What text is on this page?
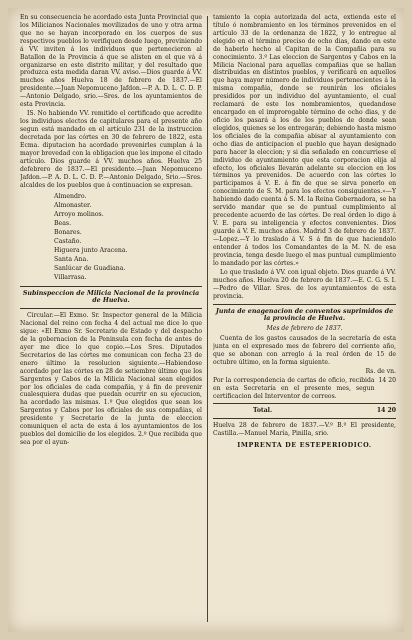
En su consecuencia he acordado esta Junta Provincial que los Milicianos Nacionales movilizados de uno y otra arma que no se hayan incorporado en los cuerpos de sus respectivos pueblos lo verifiquen desde luego, previniendo á VV. inviten á los individuos que pertenecieron al Batallon de la Provincia á que se alisten en el que vá á organizarse en este distrito militar, y del resultado que produzca esta medida daran VV. aviso.—Dios guarde á VV. muchos años Huelva 18 de febrero de 1837.—El presidente.—Juan Nepomuceno Jafdon.—P. A. D. L. C. D. P.—Antonio Delgado, srio.—Sres. de los ayuntamientos de esta Provincia.

IS. No habiendo VV. remitido el certificado que acredite los individuos electos de capitulares para el presente año segun está mandado en el artículo 231 de la instruccion decretada por las córtes en 30 de febrero de 1822, esta Ecma. diputacion ha acordado prevenirles cumplan á la mayor brevedad con la obligacion que les impone el citado artículo. Dios guarde á VV. muchos años. Huelva 25 defebrero de 1837.—El presidente.—Juan Nepomuceno Jafdon.—P. A. D. L. C. D. P.—Antonio Delgado, Srio.—Sres. alcaldes de los pueblos que á continuacion se expresan.

Almendro.
Almonaster.
Arroyo molinos.
Beas.
Bonares.
Castaño.
Higuera junto Aracena.
Santa Ana.
Sanlúcar de Guadiana.
Villarrasa.
Subinspeccion de Milicia Nacional de la provincia de Huelva.

Circular.—El Exmo. Sr. Inspector general de la Milicia Nacional del reino con fecha 4 del actual me dice lo que sigue: «El Exmo Sr. Secretario de Estado y del despacho de la gobernacion de la Peninsula con fecha de antes de ayer me dice lo que copio.—Los Sres. Diputados Secretarios de las córtes me comunican con fecha 23 de enero último la resolucion siguiente.—Habiendose acordado por las córtes en 28 de setiembre último que los Sargentos y Cabos de la Milicia Nacional sean elegidos por los oficiales de cada compañia, y á fin de prevenir cualesquiera dudas que puedan ocurrir en su ejecucion, ha acordado las mismas. 1.º Que elegidos que sean los Sargentos y Cabos por los oficiales de sus compañias, el presidente y Secretario de la junta de eleccion comuniquen el acta de esta á los ayuntamientos de los pueblos del domicilio de los elegidos. 2.º Que recibida que sea por el ayun-

tamiento la copia autorizada del acta, extienda este el título ó nombramiento en los términos prevenidos en el artículo 33 de la ordenanza de 1822, y lo entregue al elegido en el término preciso de ocho dias, dando en este de haberlo hecho al Capitan de la Compañia para su conocimiento. 3.º Las eleccion de Sargentos y Cabos en la Milicia Nacional para aquellas compañias que se hallan distribuidas en distintos pueblos, y verificará en aquellos que haya mayor número de individuos pertenecientes á la misma compañia, donde se reunirán los oficiales presididos por un individuo del ayuntamiento, el cual reclamará de este los nombramientos, quedandose encargado en el improrogable término de ocho dias, y de oficio los pasará á los de los pueblos de donde sean elegidos, quienes se los entregarán; debiendo hasta mismo los oficiales de la compañia abisar al ayuntamiento con ocho dias de anticipacion el pueblo que hayan designado para hacer la eleccion; y si dia señalado en concurriese el individuo de ayuntamiento que esta corporacion elija al efecto, los oficiales llevarán adelante su eleccion en los términos ya prevenidos. De acuerdo con las córtes lo participamos á V. E. á fin de que se sirva ponerlo en conocimiento de S. M. para los efectos consiguientes.»—Y habiendo dado cuenta á S. M. la Reina Gobernadora, se ha servido mandar que se de puntual cumplimiento al precedente acuerdo de las córtes. De real órden lo digo á V. E. para su inteligencia y efectos convenientes. Dios guarde á V. E. muchos años. Madrid 3 de febrero de 1837.—Lopez.—Y lo traslado á V. S á fin de que haciendolo entender á todos los Comandantes de la M. N. de esa provincia, tenga desde luego el mas puntual cumplimiento lo mandado por las córtes.»

Lo que traslado á VV. con igual objeto. Dios guarde á VV. muchos años. Huelva 20 de febrero de 1837.—E. C. G. S. I.—Pedro de Villar. Sres. de los ayuntamientos de esta provincia.

Junta de enagenacion de conventos suprimidos de la provincia de Huelva.
Mes de febrero de 1837.

Cuenta de los gastos causados de la secretaría de esta junta en el expresado mes de febrero del corriente año, que se abonan con arreglo á la real órden de 15 de octubre último, en la forma siguiente.

Rs. de vn.
Por la correspondencia de cartas de oficio, recibida en esta Secretaría en el presente mes, segun certificacion del Interventor de correos.
14 20
Total.	14 20

Huelva 28 de febrero de 1837.—V.º B.º El presidente, Castilla.—Manuel María, Pinilla, srio.

IMPRENTA DE ESTEPERIODICO.
